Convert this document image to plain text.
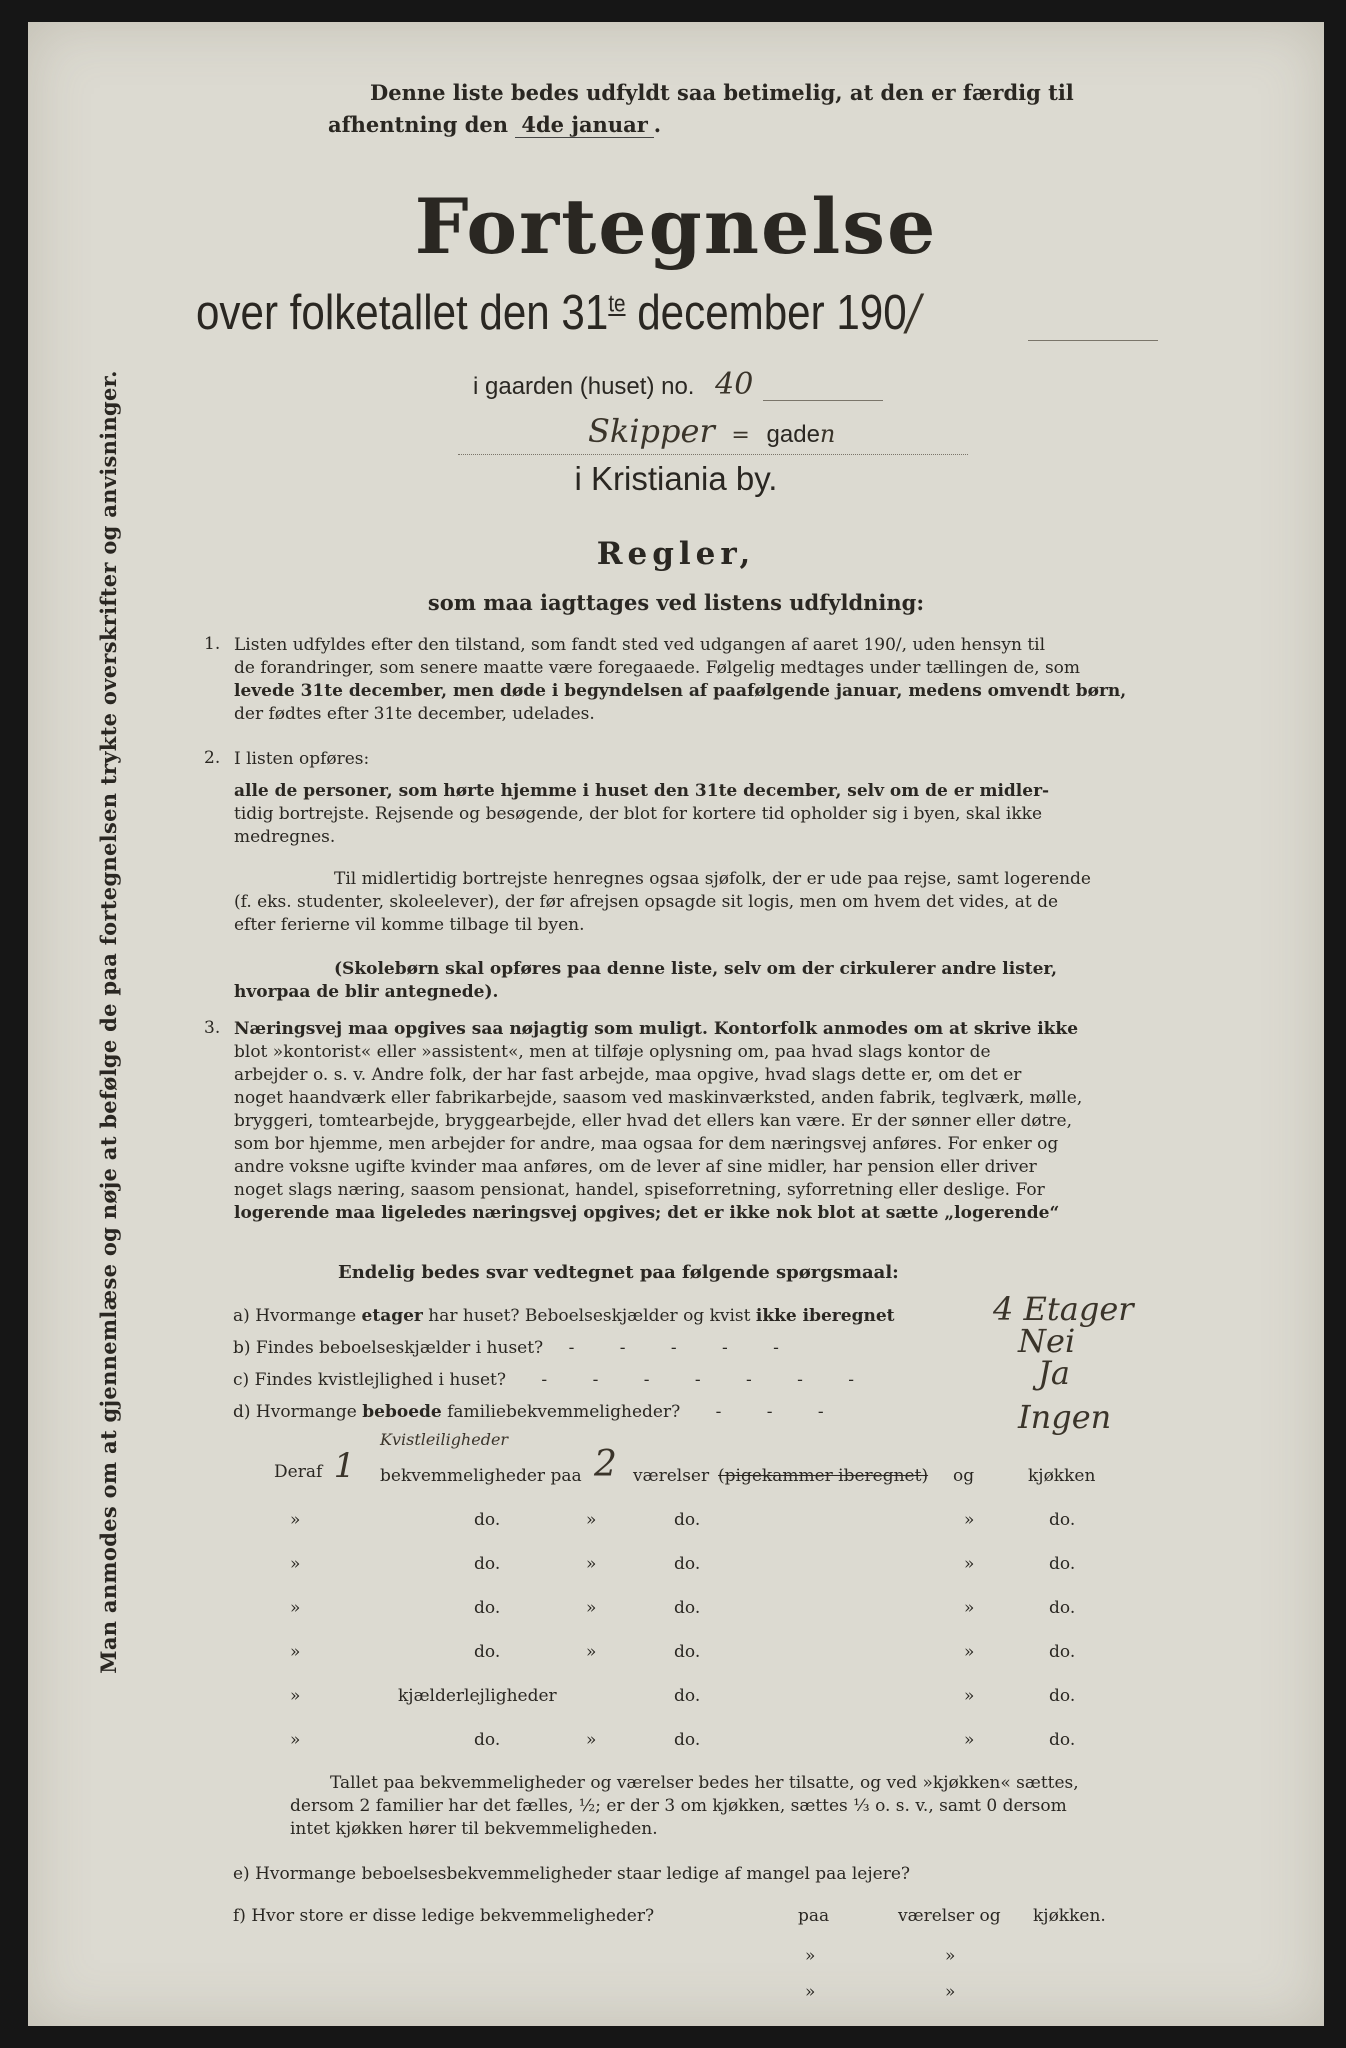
Denne liste bedes udfyldt saa betimelig, at den er færdig til
afhentning den 4de januar .
Fortegnelse
over folketallet den $31^{te}$ december 190/
i gaarden (huset) no. 40
Skipper = gaden
i Kristiania by.
Regler,
som maa iagttages ved listens udfyldning:
1. Listen udfyldes efter den tilstand, som fandt sted ved udgangen af aaret 190/, uden hensyn til
de forandringer, som senere maatte være foregaaede. Følgelig medtages under tællingen de, som
levede 31te december, men døde i begyndelsen af paafølgende januar, medens omvendt børn,
der fødtes efter 31te december, udelades.
2. I listen opføres:
alle de personer, som hørte hjemme i huset den 31te december, selv om de er midler-
tidig bortrejste. Rejsende og besøgende, der blot for kortere tid opholder sig i byen, skal ikke
medregnes.
Til midlertidig bortrejste henregnes ogsaa sjøfolk, der er ude paa rejse, samt logerende
(f. eks. studenter, skoleelever), der før afrejsen opsagde sit logis, men om hvem det vides, at de
efter ferierne vil komme tilbage til byen.
(Skolebørn skal opføres paa denne liste, selv om der cirkulerer andre lister,
hvorpaa de blir antegnede).
3. Næringsvej maa opgives saa nøjagtig som muligt. Kontorfolk anmodes om at skrive ikke
blot »kontorist« eller »assistent«, men at tilføje oplysning om, paa hvad slags kontor de
arbejder o. s. v. Andre folk, der har fast arbejde, maa opgive, hvad slags dette er, om det er
noget haandværk eller fabrikarbejde, saasom ved maskinværksted, anden fabrik, teglværk, mølle,
bryggeri, tomtearbejde, bryggearbejde, eller hvad det ellers kan være. Er der sønner eller døtre,
som bor hjemme, men arbejder for andre, maa ogsaa for dem næringsvej anføres. For enker og
andre voksne ugifte kvinder maa anføres, om de lever af sine midler, har pension eller driver
noget slags næring, saasom pensionat, handel, spiseforretning, syforretning eller deslige. For
logerende maa ligeledes næringsvej opgives; det er ikke nok blot at sætte „logerende“
Endelig bedes svar vedtegnet paa følgende spørgsmaal:
a) Hvormange etager har huset? Beboelseskjælder og kvist ikke iberegnet	4 Etager
b) Findes beboelseskjælder i huset? - - - - -	Nei
c) Findes kvistlejlighed i huset? - - - - - - -	Ja
d) Hvormange beboede familiebekvemmeligheder? - - -	Ingen
Deraf 1
Kvistleiligheder
bekvemmeligheder paa 2 værelser (pigekammer iberegnet) og	kjøkken
»	do.	»	do.	»	do.
»	do.	»	do.	»	do.
»	do.	»	do.	»	do.
»	do.	»	do.	»	do.
»	kjælderlejligheder	do.	»	do.
»	do.	»	do.	»	do.
Tallet paa bekvemmeligheder og værelser bedes her tilsatte, og ved »kjøkken« sættes,
dersom 2 familier har det fælles, ½; er der 3 om kjøkken, sættes ⅓ o. s. v., samt 0 dersom
intet kjøkken hører til bekvemmeligheden.
e) Hvormange beboelsesbekvemmeligheder staar ledige af mangel paa lejere?
f) Hvor store er disse ledige bekvemmeligheder?	paa	værelser og kjøkken.
»	»
»	»
Man anmodes om at gjennemlæse og nøje at befølge de paa fortegnelsen trykte overskrifter og anvisninger.
